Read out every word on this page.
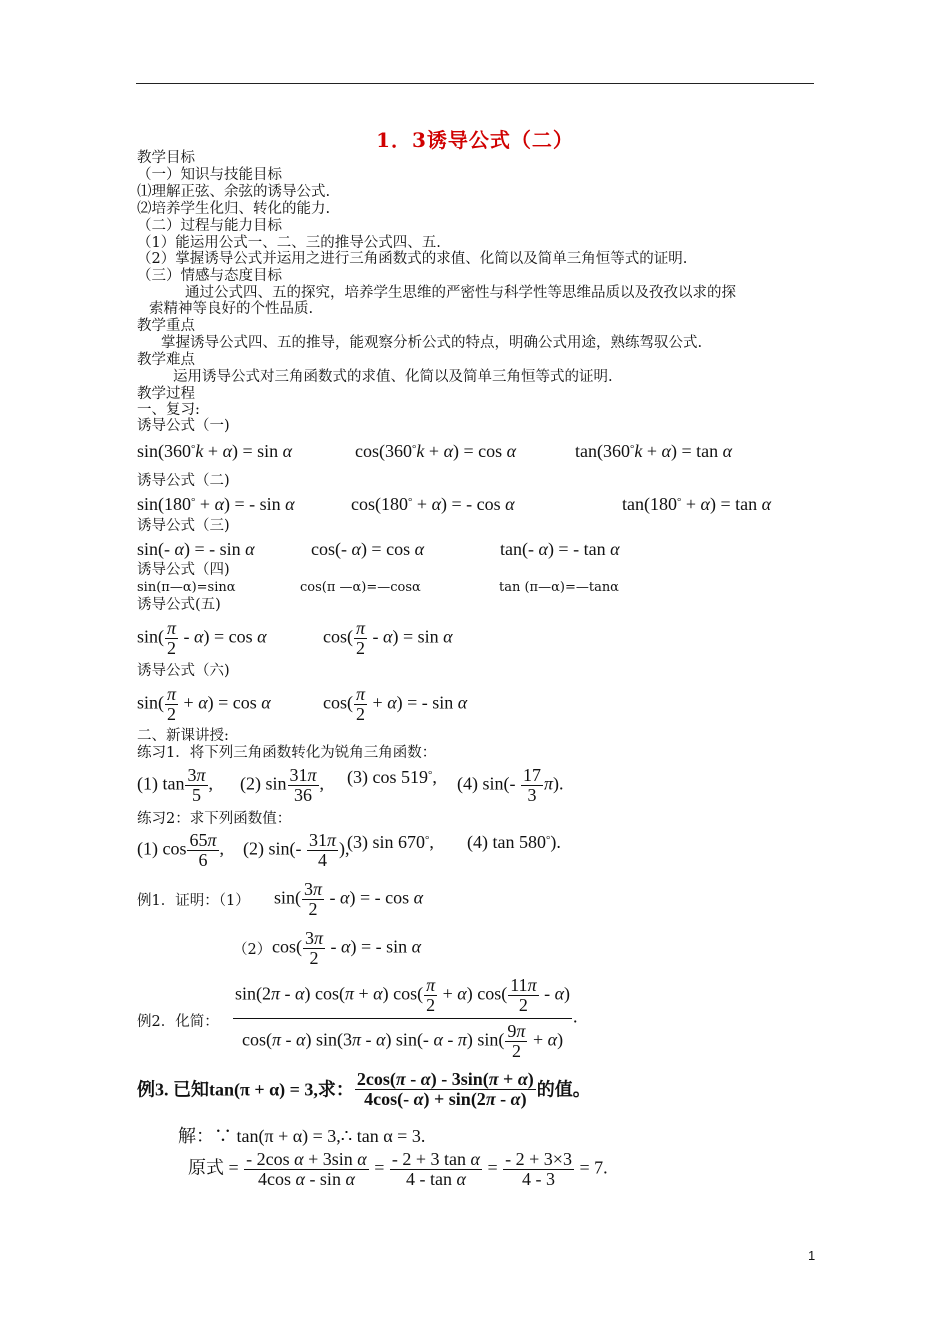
1．3诱导公式（二）
教学目标
（一）知识与技能目标
⑴理解正弦、余弦的诱导公式.
⑵培养学生化归、转化的能力.
（二）过程与能力目标
（1）能运用公式一、二、三的推导公式四、五.
（2）掌握诱导公式并运用之进行三角函数式的求值、化简以及简单三角恒等式的证明.
（三）情感与态度目标
通过公式四、五的探究，培养学生思维的严密性与科学性等思维品质以及孜孜以求的探
索精神等良好的个性品质.
教学重点
掌握诱导公式四、五的推导，能观察分析公式的特点，明确公式用途，熟练驾驭公式.
教学难点
运用诱导公式对三角函数式的求值、化简以及简单三角恒等式的证明.
教学过程
一、复习:
诱导公式（一)
sin(360°k + α) = sin α	cos(360°k + α) = cos α	tan(360°k + α) = tan α
诱导公式（二)
sin(180° + α) = - sin α	cos(180° + α) = - cos α	tan(180° + α) = tan α
诱导公式（三)
sin(- α) = - sin α	cos(- α) = cos α	tan(- α) = - tan α
诱导公式（四)
sin(π—α)=sinα	cos(π —α)=—cosα	tan (π—α)=—tanα
诱导公式(五)
$\sin( \frac{\pi}{2} - \alpha) = \cos \alpha$	$\cos( \frac{\pi}{2} - \alpha) = \sin \alpha$
诱导公式（六)
$\sin( \frac{\pi}{2} + \alpha) = \cos \alpha$	$\cos( \frac{\pi}{2} + \alpha)$ = - sin α
二、新课讲授:
练习1．将下列三角函数转化为锐角三角函数：
(1) $\tan \frac{3\pi}{5}$ , (2) $\sin \frac{31\pi}{36}$ , (3) cos 519°, (4) $\sin(- \frac{17}{3} \pi)$.
练习2：求下列函数值：
(1) $\cos \frac{65\pi}{6}$ , (2) $\sin(- \frac{31\pi}{4}$ ),
(3) sin 670°, (4) tan 580°).
例1．证明：（1） $\sin( \frac{3\pi}{2} - \alpha)$ = - cos α
（2） $\cos( \frac{3\pi}{2} - \alpha)$ = - sin α
例2．化简： $\frac{\sin(2\pi - \alpha) \cos(\pi + \alpha) \cos( \frac{\pi}{2} + \alpha) \cos( \frac{11\pi}{2} - \alpha)}{\cos(\pi - \alpha) \sin(3\pi - \alpha) \sin(- \alpha - \pi) \sin( \frac{9\pi}{2} + \alpha)}$ .
例3. 已知tan(π + α) = 3,求： $\frac{2\cos(\pi - \alpha) - 3\sin(\pi + \alpha)}{4\cos(- \alpha) + \sin(2\pi - \alpha)}$ 的值。
解：∵ tan(π + α) = 3,∴ tan α = 3.
原式 = $\frac{\text{- 2cos α + 3sin α}}{\text{4cos α - sin α}} = \frac{\text{- 2 + 3 tan α}}{\text{4 - tan α}} = \frac{- 2 + 3\times 3}{4 - 3} = 7$.
1
